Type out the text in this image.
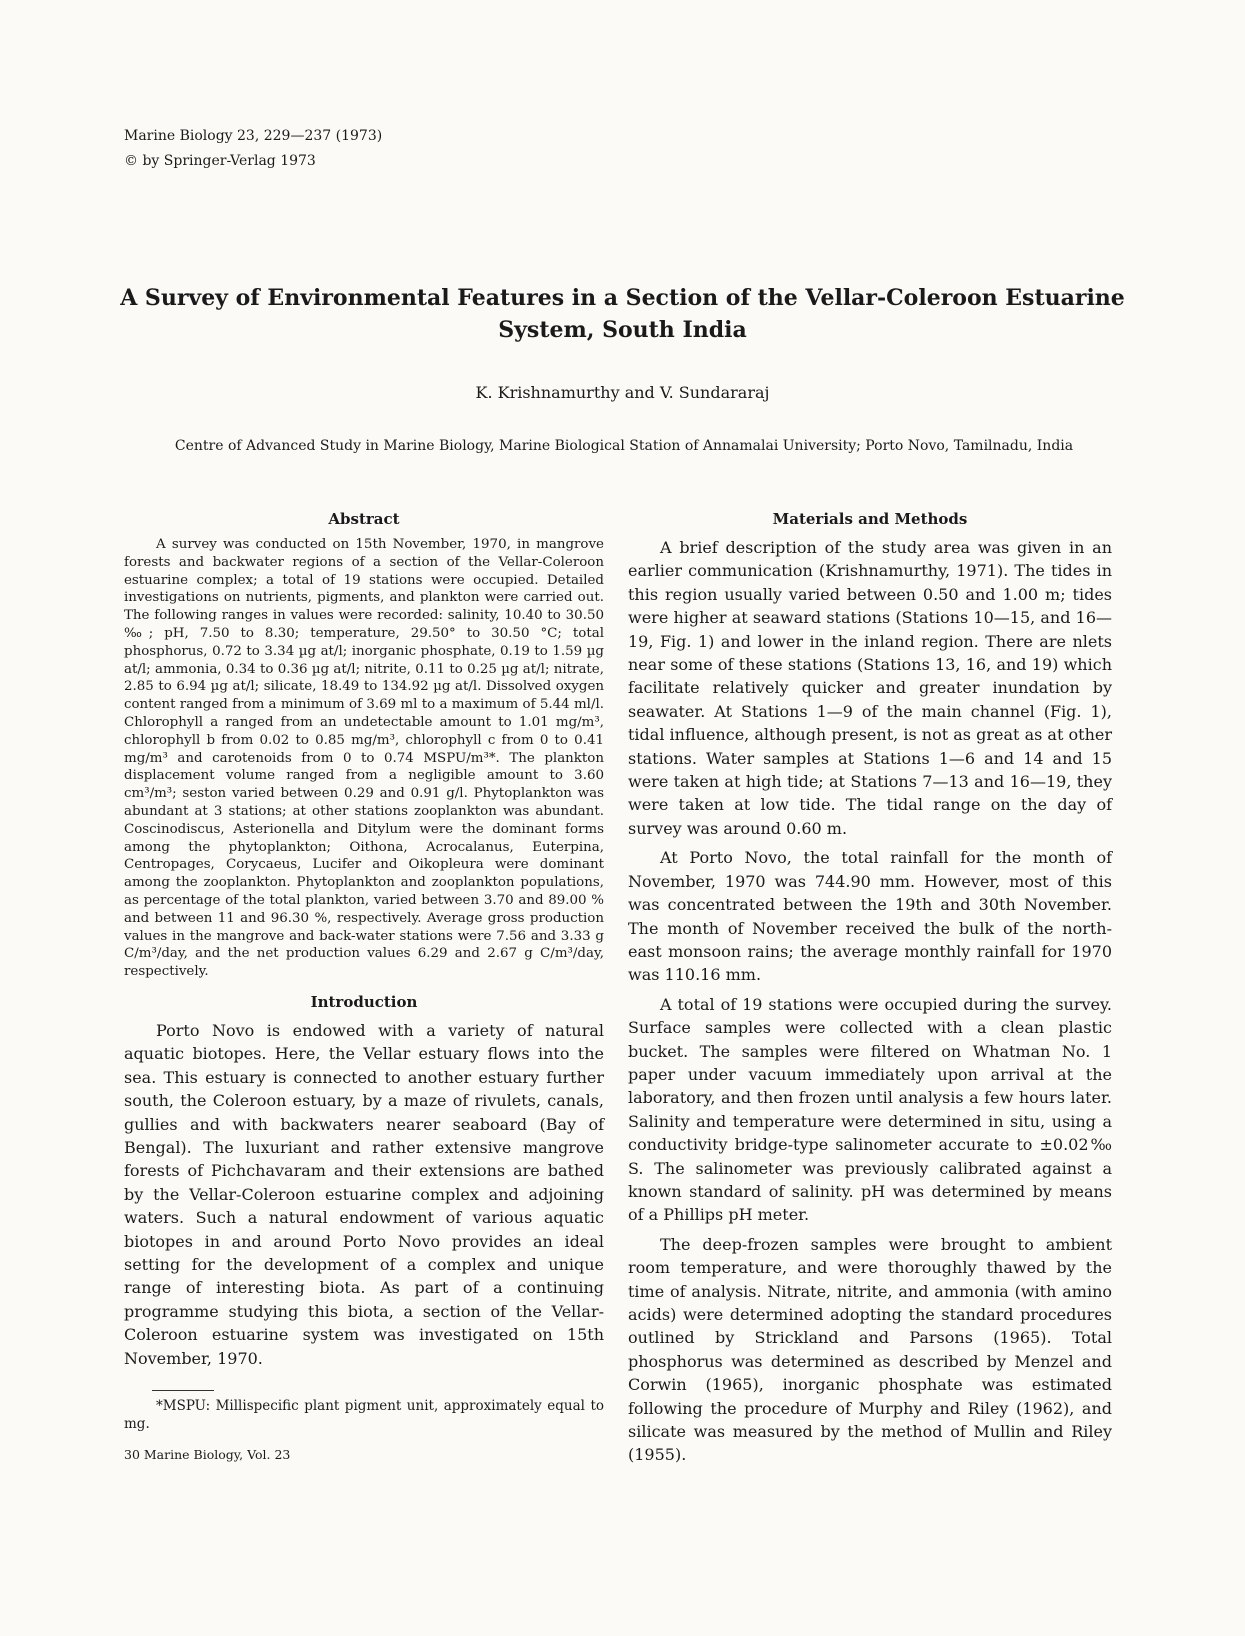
Marine Biology 23, 229—237 (1973)
© by Springer-Verlag 1973
A Survey of Environmental Features in a Section of the Vellar-Coleroon Estuarine System, South India
K. Krishnamurthy and V. Sundararaj
Centre of Advanced Study in Marine Biology, Marine Biological Station of Annamalai University; Porto Novo, Tamilnadu, India
Abstract

A survey was conducted on 15th November, 1970, in mangrove forests and backwater regions of a section of the Vellar-Coleroon estuarine complex; a total of 19 stations were occupied. Detailed investigations on nutrients, pigments, and plankton were carried out. The following ranges in values were recorded: salinity, 10.40 to 30.50 ‰; pH, 7.50 to 8.30; temperature, 29.50° to 30.50 °C; total phosphorus, 0.72 to 3.34 µg at/l; inorganic phosphate, 0.19 to 1.59 µg at/l; ammonia, 0.34 to 0.36 µg at/l; nitrite, 0.11 to 0.25 µg at/l; nitrate, 2.85 to 6.94 µg at/l; silicate, 18.49 to 134.92 µg at/l. Dissolved oxygen content ranged from a minimum of 3.69 ml to a maximum of 5.44 ml/l. Chlorophyll a ranged from an undetectable amount to 1.01 mg/m³, chlorophyll b from 0.02 to 0.85 mg/m³, chlorophyll c from 0 to 0.41 mg/m³ and carotenoids from 0 to 0.74 MSPU/m³*. The plankton displacement volume ranged from a negligible amount to 3.60 cm³/m³; seston varied between 0.29 and 0.91 g/l. Phytoplankton was abundant at 3 stations; at other stations zooplankton was abundant. Coscinodiscus, Asterionella and Ditylum were the dominant forms among the phytoplankton; Oithona, Acrocalanus, Euterpina, Centropages, Corycaeus, Lucifer and Oikopleura were dominant among the zooplankton. Phytoplankton and zooplankton populations, as percentage of the total plankton, varied between 3.70 and 89.00 % and between 11 and 96.30 %, respectively. Average gross production values in the mangrove and back-water stations were 7.56 and 3.33 g C/m³/day, and the net production values 6.29 and 2.67 g C/m³/day, respectively.

Introduction

Porto Novo is endowed with a variety of natural aquatic biotopes. Here, the Vellar estuary flows into the sea. This estuary is connected to another estuary further south, the Coleroon estuary, by a maze of rivulets, canals, gullies and with backwaters nearer seaboard (Bay of Bengal). The luxuriant and rather extensive mangrove forests of Pichchavaram and their extensions are bathed by the Vellar-Coleroon estuarine complex and adjoining waters. Such a natural endowment of various aquatic biotopes in and around Porto Novo provides an ideal setting for the development of a complex and unique range of interesting biota. As part of a continuing programme studying this biota, a section of the Vellar-Coleroon estuarine system was investigated on 15th November, 1970.

*MSPU: Millispecific plant pigment unit, approximately equal to mg.

30 Marine Biology, Vol. 23
Materials and Methods

A brief description of the study area was given in an earlier communication (Krishnamurthy, 1971). The tides in this region usually varied between 0.50 and 1.00 m; tides were higher at seaward stations (Stations 10—15, and 16—19, Fig. 1) and lower in the inland region. There are nlets near some of these stations (Stations 13, 16, and 19) which facilitate relatively quicker and greater inundation by seawater. At Stations 1—9 of the main channel (Fig. 1), tidal influence, although present, is not as great as at other stations. Water samples at Stations 1—6 and 14 and 15 were taken at high tide; at Stations 7—13 and 16—19, they were taken at low tide. The tidal range on the day of survey was around 0.60 m.

At Porto Novo, the total rainfall for the month of November, 1970 was 744.90 mm. However, most of this was concentrated between the 19th and 30th November. The month of November received the bulk of the north-east monsoon rains; the average monthly rainfall for 1970 was 110.16 mm.

A total of 19 stations were occupied during the survey. Surface samples were collected with a clean plastic bucket. The samples were filtered on Whatman No. 1 paper under vacuum immediately upon arrival at the laboratory, and then frozen until analysis a few hours later. Salinity and temperature were determined in situ, using a conductivity bridge-type salinometer accurate to ±0.02‰ S. The salinometer was previously calibrated against a known standard of salinity. pH was determined by means of a Phillips pH meter.

The deep-frozen samples were brought to ambient room temperature, and were thoroughly thawed by the time of analysis. Nitrate, nitrite, and ammonia (with amino acids) were determined adopting the standard procedures outlined by Strickland and Parsons (1965). Total phosphorus was determined as described by Menzel and Corwin (1965), inorganic phosphate was estimated following the procedure of Murphy and Riley (1962), and silicate was measured by the method of Mullin and Riley (1955).
